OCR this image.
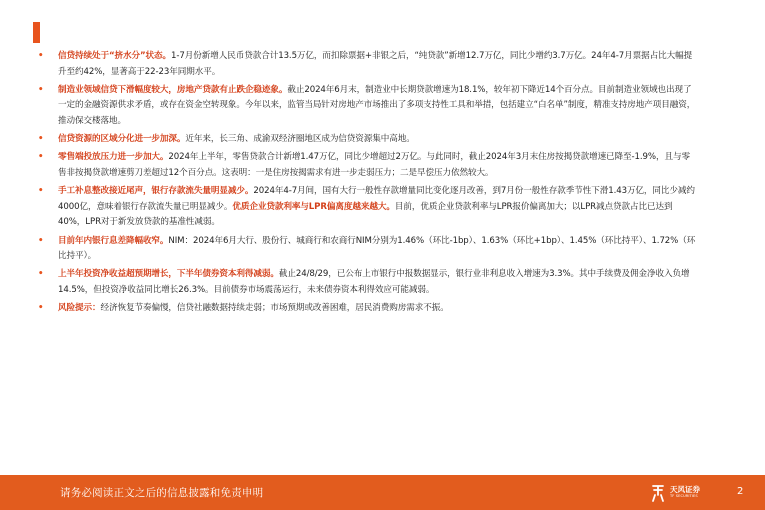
• 信贷持续处于“挤水分”状态。1-7月份新增人民币贷款合计13.5万亿，而扣除票据+非银之后，“纯贷款”新增12.7万亿，同比少增约3.7万亿。24年4-7月票据占比大幅提升至约42%，显著高于22-23年同期水平。
• 制造业领域信贷下滑幅度较大，房地产贷款有止跌企稳迹象。截止2024年6月末，制造业中长期贷款增速为18.1%，较年初下降近14个百分点。目前制造业领域也出现了一定的金融资源供求矛盾，或存在资金空转现象。今年以来，监管当局针对房地产市场推出了多项支持性工具和举措，包括建立“白名单”制度，精准支持房地产项目融资，推动保交楼落地。
• 信贷资源的区域分化进一步加深。近年来，长三角、成渝双经济圈地区成为信贷资源集中高地。
• 零售端投放压力进一步加大。2024年上半年，零售贷款合计新增1.47万亿，同比少增超过2万亿。与此同时，截止2024年3月末住房按揭贷款增速已降至-1.9%，且与零售非按揭贷款增速剪刀差超过12个百分点。这表明：一是住房按揭需求有进一步走弱压力；二是早偿压力依然较大。
• 手工补息整改接近尾声，银行存款流失量明显减少。2024年4-7月间，国有大行一般性存款增量同比变化逐月改善，到7月份一般性存款季节性下滑1.43万亿，同比少减约4000亿，意味着银行存款流失量已明显减少。优质企业贷款利率与LPR偏离度越来越大。目前，优质企业贷款利率与LPR报价偏离加大；以LPR减点贷款占比已达到40%，LPR对于新发放贷款的基准性减弱。
• 目前年内银行息差降幅收窄。NIM：2024年6月大行、股份行、城商行和农商行NIM分别为1.46%（环比-1bp）、1.63%（环比+1bp）、1.45%（环比持平）、1.72%（环比持平）。
• 上半年投资净收益超预期增长，下半年债券资本利得减弱。截止24/8/29，已公布上市银行中报数据显示，银行业非利息收入增速为3.3%。其中手续费及佣金净收入负增14.5%，但投资净收益同比增长26.3%。目前债券市场震荡运行，未来债券资本利得效应可能减弱。
• 风险提示：经济恢复节奏偏慢，信贷社融数据持续走弱；市场预期或改善困难，居民消费购房需求不振。
请务必阅读正文之后的信息披露和免责申明	天风证券
TF SECURITIES	2
